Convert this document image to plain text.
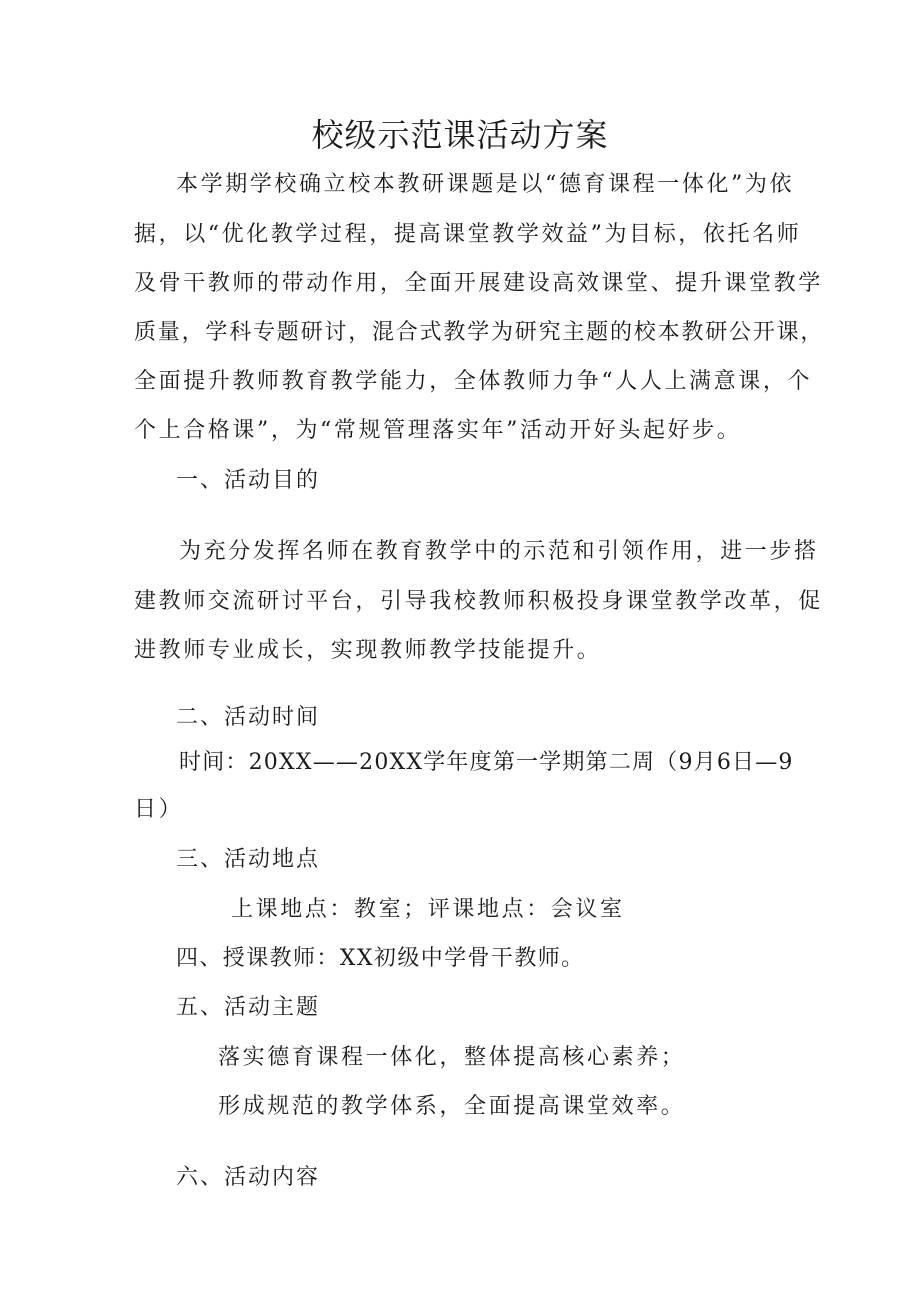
校级示范课活动方案
本学期学校确立校本教研课题是以“德育课程一体化”为依
据，以“优化教学过程，提高课堂教学效益”为目标，依托名师
及骨干教师的带动作用，全面开展建设高效课堂、提升课堂教学
质量，学科专题研讨，混合式教学为研究主题的校本教研公开课，
全面提升教师教育教学能力，全体教师力争“人人上满意课，个
个上合格课”，为“常规管理落实年”活动开好头起好步。
一、活动目的
为充分发挥名师在教育教学中的示范和引领作用，进一步搭
建教师交流研讨平台，引导我校教师积极投身课堂教学改革，促
进教师专业成长，实现教师教学技能提升。
二、活动时间
时间：20XX——20XX学年度第一学期第二周（9月6日—9
日）
三、活动地点
上课地点：教室；评课地点：会议室
四、授课教师：XX初级中学骨干教师。
五、活动主题
落实德育课程一体化，整体提高核心素养；
形成规范的教学体系，全面提高课堂效率。
六、活动内容
